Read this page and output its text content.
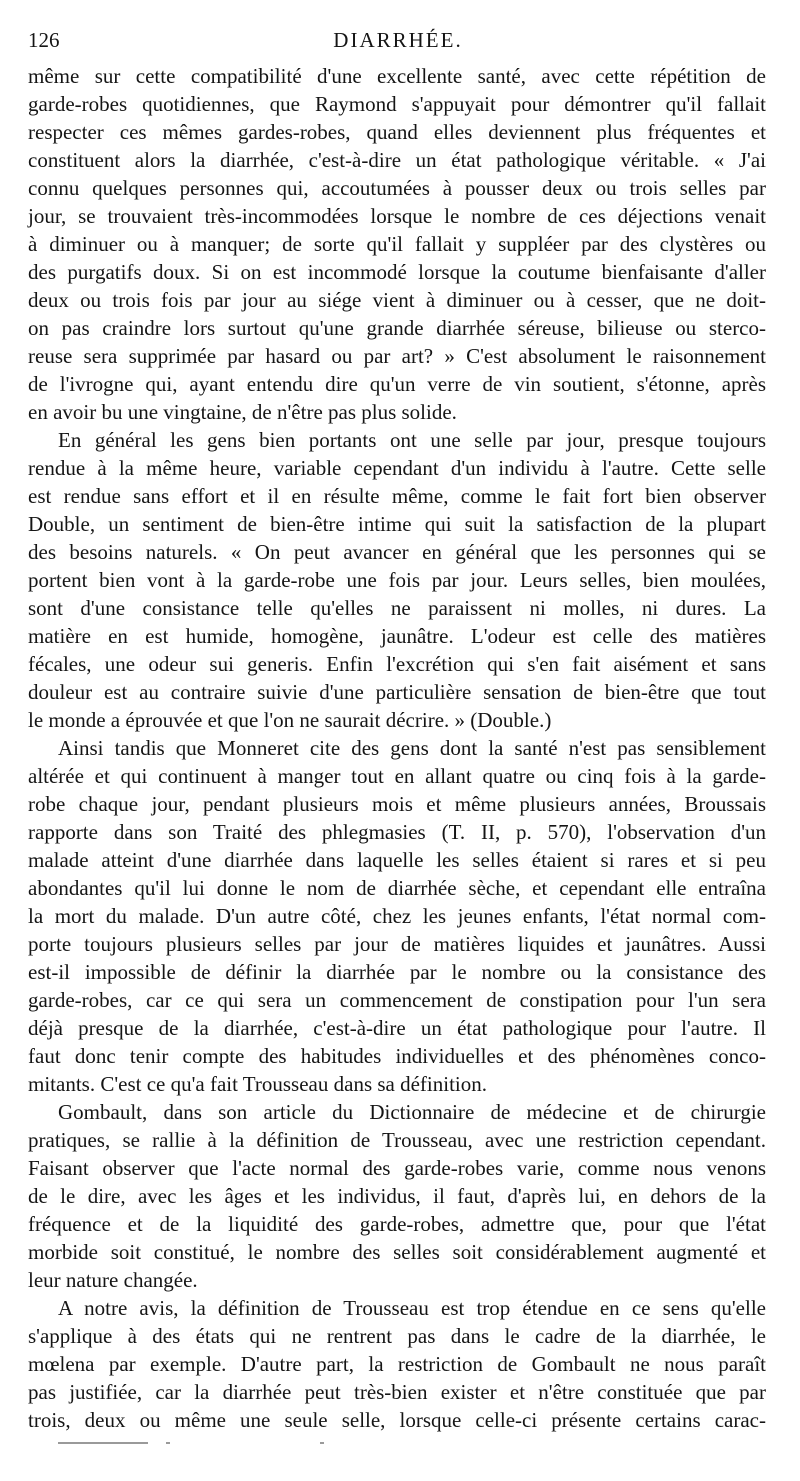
126	DIARRHÉE.
même sur cette compatibilité d'une excellente santé, avec cette répétition de
garde-robes quotidiennes, que Raymond s'appuyait pour démontrer qu'il fallait
respecter ces mêmes gardes-robes, quand elles deviennent plus fréquentes et
constituent alors la diarrhée, c'est-à-dire un état pathologique véritable. « J'ai
connu quelques personnes qui, accoutumées à pousser deux ou trois selles par
jour, se trouvaient très-incommodées lorsque le nombre de ces déjections venait
à diminuer ou à manquer; de sorte qu'il fallait y suppléer par des clystères ou
des purgatifs doux. Si on est incommodé lorsque la coutume bienfaisante d'aller
deux ou trois fois par jour au siége vient à diminuer ou à cesser, que ne doit-
on pas craindre lors surtout qu'une grande diarrhée séreuse, bilieuse ou sterco-
reuse sera supprimée par hasard ou par art? » C'est absolument le raisonnement
de l'ivrogne qui, ayant entendu dire qu'un verre de vin soutient, s'étonne, après
en avoir bu une vingtaine, de n'être pas plus solide.
En général les gens bien portants ont une selle par jour, presque toujours
rendue à la même heure, variable cependant d'un individu à l'autre. Cette selle
est rendue sans effort et il en résulte même, comme le fait fort bien observer
Double, un sentiment de bien-être intime qui suit la satisfaction de la plupart
des besoins naturels. « On peut avancer en général que les personnes qui se
portent bien vont à la garde-robe une fois par jour. Leurs selles, bien moulées,
sont d'une consistance telle qu'elles ne paraissent ni molles, ni dures. La
matière en est humide, homogène, jaunâtre. L'odeur est celle des matières
fécales, une odeur sui generis. Enfin l'excrétion qui s'en fait aisément et sans
douleur est au contraire suivie d'une particulière sensation de bien-être que tout
le monde a éprouvée et que l'on ne saurait décrire. » (Double.)
Ainsi tandis que Monneret cite des gens dont la santé n'est pas sensiblement
altérée et qui continuent à manger tout en allant quatre ou cinq fois à la garde-
robe chaque jour, pendant plusieurs mois et même plusieurs années, Broussais
rapporte dans son Traité des phlegmasies (T. II, p. 570), l'observation d'un
malade atteint d'une diarrhée dans laquelle les selles étaient si rares et si peu
abondantes qu'il lui donne le nom de diarrhée sèche, et cependant elle entraîna
la mort du malade. D'un autre côté, chez les jeunes enfants, l'état normal com-
porte toujours plusieurs selles par jour de matières liquides et jaunâtres. Aussi
est-il impossible de définir la diarrhée par le nombre ou la consistance des
garde-robes, car ce qui sera un commencement de constipation pour l'un sera
déjà presque de la diarrhée, c'est-à-dire un état pathologique pour l'autre. Il
faut donc tenir compte des habitudes individuelles et des phénomènes conco-
mitants. C'est ce qu'a fait Trousseau dans sa définition.
Gombault, dans son article du Dictionnaire de médecine et de chirurgie
pratiques, se rallie à la définition de Trousseau, avec une restriction cependant.
Faisant observer que l'acte normal des garde-robes varie, comme nous venons
de le dire, avec les âges et les individus, il faut, d'après lui, en dehors de la
fréquence et de la liquidité des garde-robes, admettre que, pour que l'état
morbide soit constitué, le nombre des selles soit considérablement augmenté et
leur nature changée.
A notre avis, la définition de Trousseau est trop étendue en ce sens qu'elle
s'applique à des états qui ne rentrent pas dans le cadre de la diarrhée, le
mœlena par exemple. D'autre part, la restriction de Gombault ne nous paraît
pas justifiée, car la diarrhée peut très-bien exister et n'être constituée que par
trois, deux ou même une seule selle, lorsque celle-ci présente certains carac-
